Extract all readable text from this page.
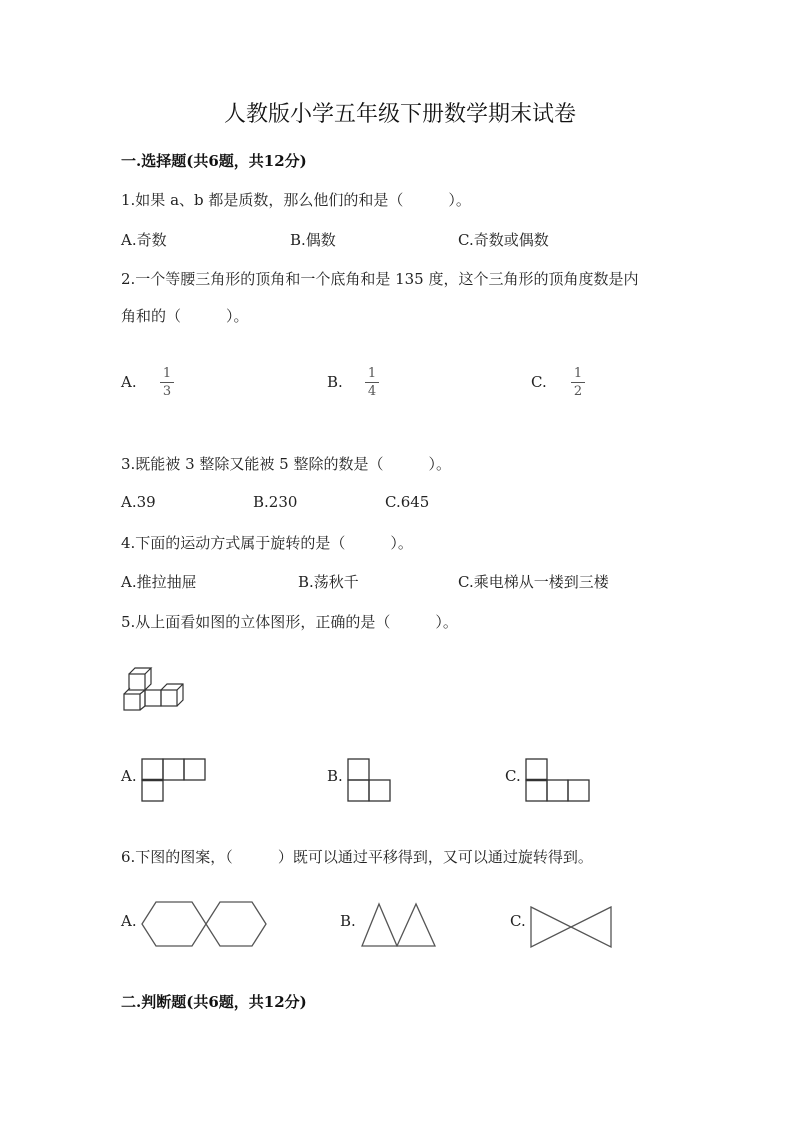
人教版小学五年级下册数学期末试卷
一.选择题(共6题，共12分)
1.如果 a、b 都是质数，那么他们的和是（　　　）。
A.奇数	B.偶数	C.奇数或偶数
2.一个等腰三角形的顶角和一个底角和是 135 度，这个三角形的顶角度数是内
角和的（　　　）。
A. 1
3
B. 1
4
C. 1
2
3.既能被 3 整除又能被 5 整除的数是（　　　）。
A.39	B.230	C.645
4.下面的运动方式属于旋转的是（　　　）。
A.推拉抽屉	B.荡秋千	C.乘电梯从一楼到三楼
5.从上面看如图的立体图形，正确的是（　　　）。
A.	B.	C.
6.下图的图案，（　　　）既可以通过平移得到，又可以通过旋转得到。
A.	B.	C.
二.判断题(共6题，共12分)
